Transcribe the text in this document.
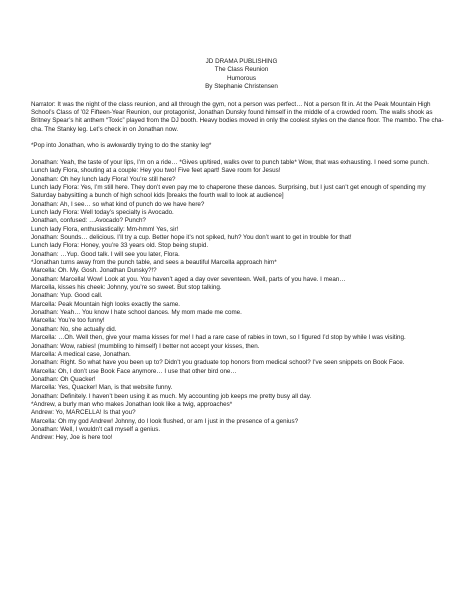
JD DRAMA PUBLISHING
The Class Reunion
Humorous
By Stephanie Christensen

Narrator: It was the night of the class reunion, and all through the gym, not a person was perfect… Not a person fit in. At the Peak Mountain High School’s Class of ’02 Fifteen-Year Reunion, our protagonist, Jonathan Dunsky found himself in the middle of a crowded room. The walls shook as Britney Spear’s hit anthem “Toxic” played from the DJ booth. Heavy bodies moved in only the coolest styles on the dance floor. The mambo. The cha-cha. The Stanky leg. Let’s check in on Jonathan now.

*Pop into Jonathan, who is awkwardly trying to do the stanky leg*

Jonathan: Yeah, the taste of your lips, I’m on a ride… *Gives up/tired, walks over to punch table* Wow, that was exhausting. I need some punch.

Lunch lady Flora, shouting at a couple: Hey you two! Five feet apart! Save room for Jesus!

Jonathan: Oh hey lunch lady Flora! You’re still here?

Lunch lady Flora: Yes, I’m still here. They don’t even pay me to chaperone these dances. Surprising, but I just can’t get enough of spending my Saturday babysitting a bunch of high school kids [breaks the fourth wall to look at audience]

Jonathan: Ah, I see… so what kind of punch do we have here?

Lunch lady Flora: Well today’s specialty is Avocado.

Jonathan, confused: …Avocado? Punch?

Lunch lady Flora, enthusiastically: Mm-hmm! Yes, sir!

Jonathan: Sounds… delicious. I’ll try a cup. Better hope it’s not spiked, huh? You don’t want to get in trouble for that!

Lunch lady Flora: Honey, you’re 33 years old. Stop being stupid.

Jonathan: …Yup. Good talk. I will see you later, Flora.

*Jonathan turns away from the punch table, and sees a beautiful Marcella approach him*

Marcella: Oh. My. Gosh. Jonathan Dunsky?!?

Jonathan: Marcella! Wow! Look at you. You haven’t aged a day over seventeen. Well, parts of you have. I mean…

Marcella, kisses his cheek: Johnny, you’re so sweet. But stop talking.

Jonathan: Yup. Good call.

Marcella: Peak Mountain high looks exactly the same.

Jonathan: Yeah… You know I hate school dances. My mom made me come.

Marcella: You’re too funny!

Jonathan: No, she actually did.

Marcella: …Oh. Well then, give your mama kisses for me! I had a rare case of rabies in town, so I figured I’d stop by while I was visiting.

Jonathan: Wow, rabies! (mumbling to himself) I better not accept your kisses, then.

Marcella: A medical case, Jonathan.

Jonathan: Right. So what have you been up to? Didn’t you graduate top honors from medical school? I’ve seen snippets on Book Face.

Marcella: Oh, I don’t use Book Face anymore… I use that other bird one…

Jonathan: Oh Quacker!

Marcella: Yes, Quacker! Man, is that website funny.

Jonathan: Definitely. I haven’t been using it as much. My accounting job keeps me pretty busy all day.

*Andrew, a burly man who makes Jonathan look like a twig, approaches*

Andrew: Yo, MARCELLA! Is that you?

Marcella: Oh my god Andrew! Johnny, do I look flushed, or am I just in the presence of a genius?

Jonathan: Well, I wouldn’t call myself a genius.

Andrew: Hey, Joe is here too!
